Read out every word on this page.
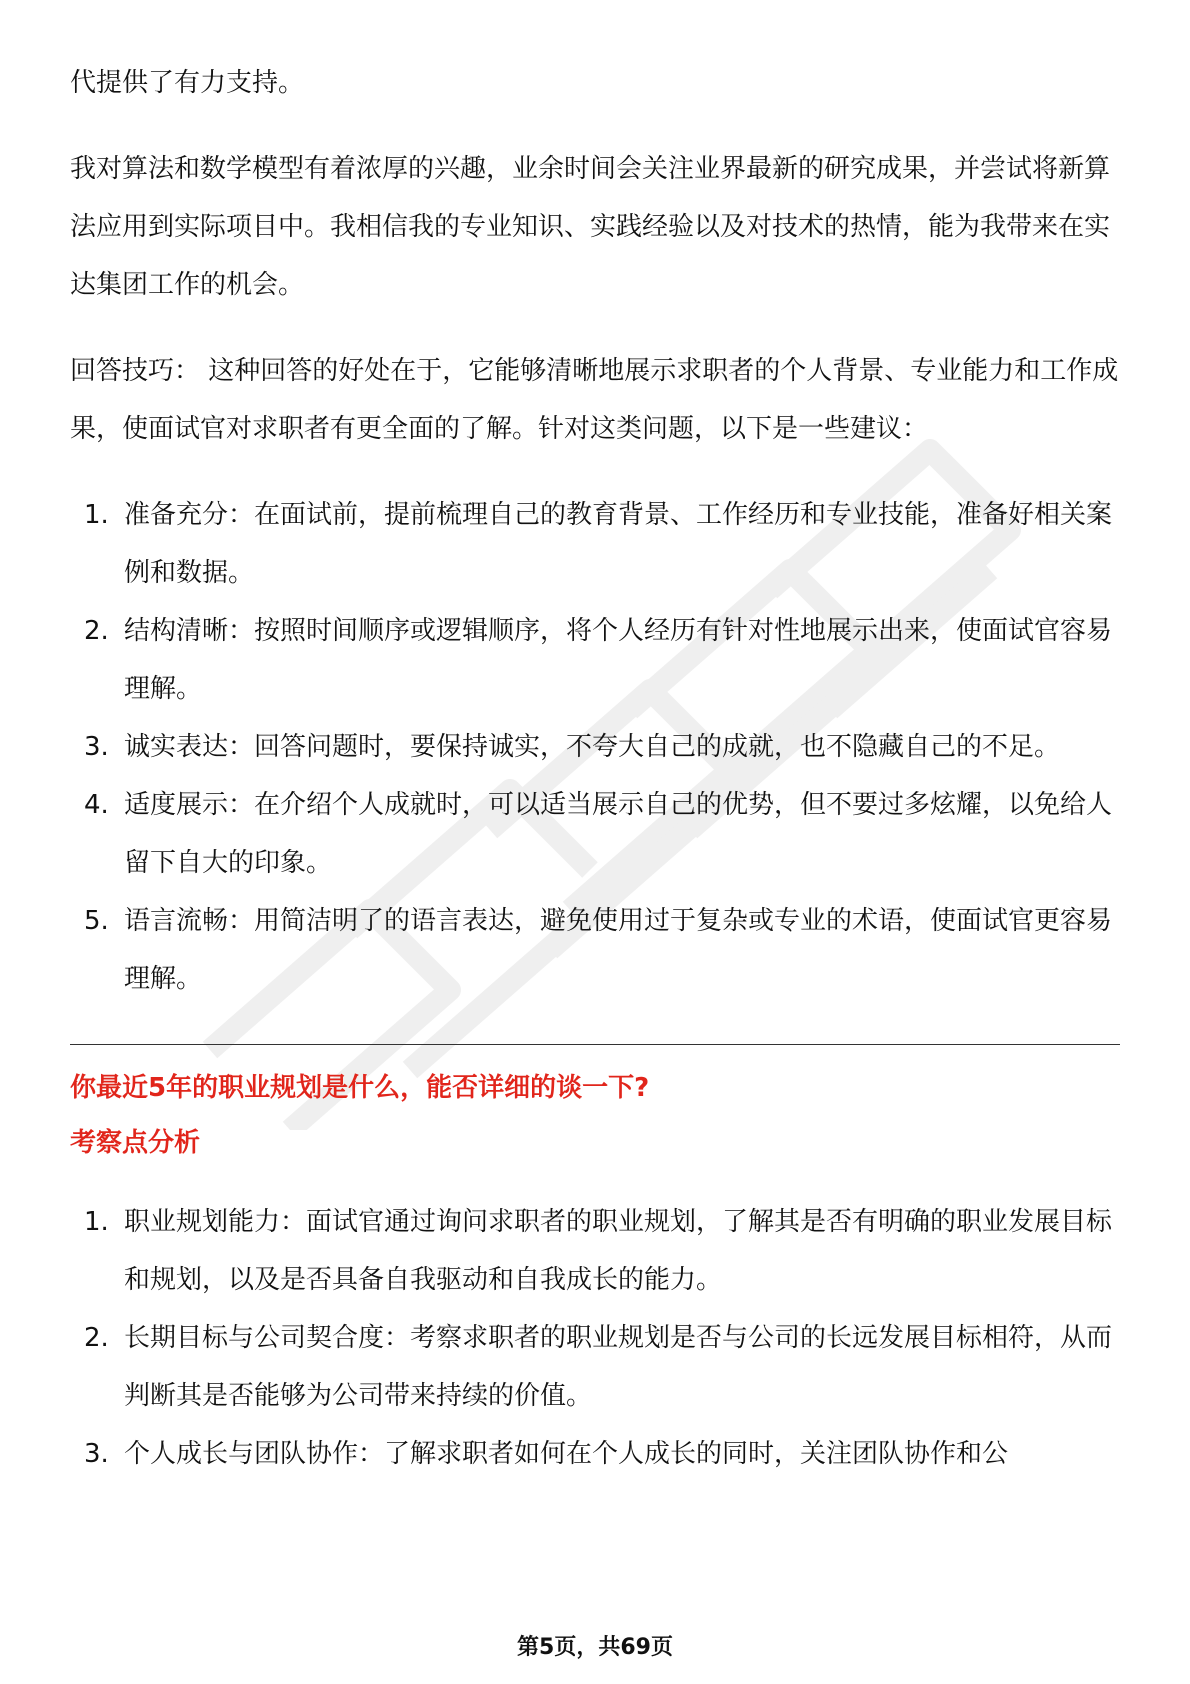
代提供了有力支持。

我对算法和数学模型有着浓厚的兴趣，业余时间会关注业界最新的研究成果，并尝试将新算法应用到实际项目中。我相信我的专业知识、实践经验以及对技术的热情，能为我带来在实达集团工作的机会。

回答技巧： 这种回答的好处在于，它能够清晰地展示求职者的个人背景、专业能力和工作成果，使面试官对求职者有更全面的了解。针对这类问题，以下是一些建议：

1. 准备充分：在面试前，提前梳理自己的教育背景、工作经历和专业技能，准备好相关案例和数据。
2. 结构清晰：按照时间顺序或逻辑顺序，将个人经历有针对性地展示出来，使面试官容易理解。
3. 诚实表达：回答问题时，要保持诚实，不夸大自己的成就，也不隐藏自己的不足。
4. 适度展示：在介绍个人成就时，可以适当展示自己的优势，但不要过多炫耀，以免给人留下自大的印象。
5. 语言流畅：用简洁明了的语言表达，避免使用过于复杂或专业的术语，使面试官更容易理解。

你最近5年的职业规划是什么，能否详细的谈一下?

考察点分析

1. 职业规划能力：面试官通过询问求职者的职业规划，了解其是否有明确的职业发展目标和规划，以及是否具备自我驱动和自我成长的能力。
2. 长期目标与公司契合度：考察求职者的职业规划是否与公司的长远发展目标相符，从而判断其是否能够为公司带来持续的价值。
3. 个人成长与团队协作：了解求职者如何在个人成长的同时，关注团队协作和公
第5页，共69页
